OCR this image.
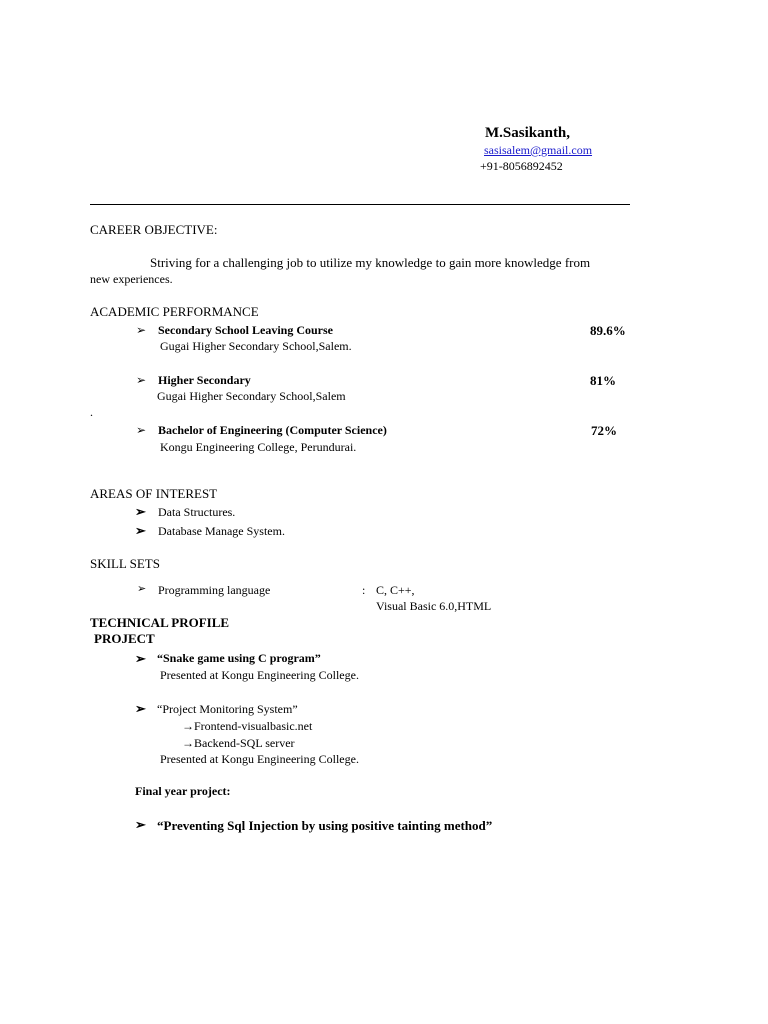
M.Sasikanth,
sasisalem@gmail.com
+91-8056892452
CAREER OBJECTIVE:
Striving for a challenging job to utilize my knowledge to gain more knowledge from
new experiences.
ACADEMIC PERFORMANCE
➢ Secondary School Leaving Course	89.6%
Gugai Higher Secondary School,Salem.
➢ Higher Secondary	81%
Gugai Higher Secondary School,Salem
.
➢ Bachelor of Engineering (Computer Science)	72%
Kongu Engineering College, Perundurai.
AREAS OF INTEREST
➢ Data Structures.
➢ Database Manage System.
SKILL SETS
➢ Programming language	: C, C++,
Visual Basic 6.0,HTML
TECHNICAL PROFILE
PROJECT
➢ “Snake game using C program”
Presented at Kongu Engineering College.
➢ “Project Monitoring System”
→ Frontend-visualbasic.net
→ Backend-SQL server
Presented at Kongu Engineering College.
Final year project:
➢ “Preventing Sql Injection by using positive tainting method”
